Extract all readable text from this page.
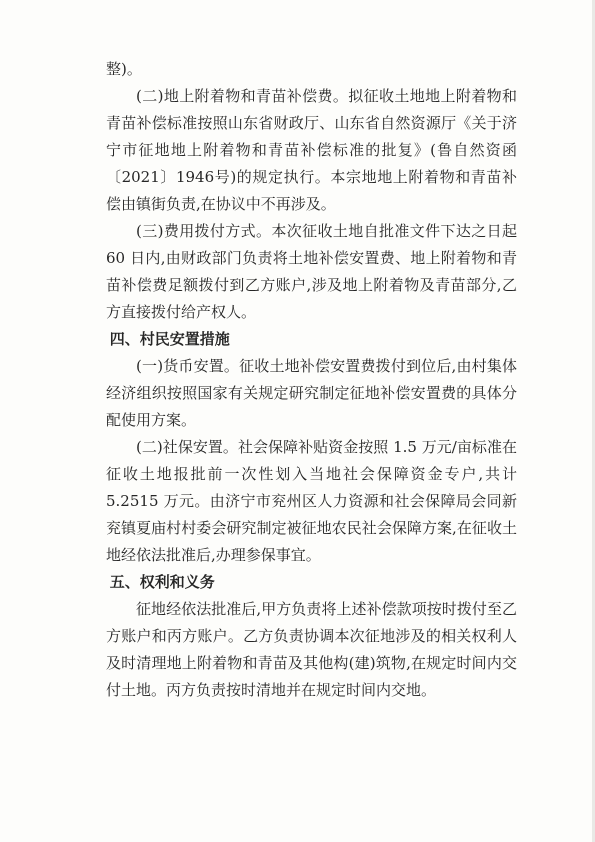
整)。

(二)地上附着物和青苗补偿费。拟征收土地地上附着物和青苗补偿标准按照山东省财政厅、山东省自然资源厅《关于济宁市征地地上附着物和青苗补偿标准的批复》(鲁自然资函〔2021〕1946号)的规定执行。本宗地地上附着物和青苗补偿由镇街负责,在协议中不再涉及。

(三)费用拨付方式。本次征收土地自批准文件下达之日起 60 日内,由财政部门负责将土地补偿安置费、地上附着物和青苗补偿费足额拨付到乙方账户,涉及地上附着物及青苗部分,乙方直接拨付给产权人。

四、村民安置措施

(一)货币安置。征收土地补偿安置费拨付到位后,由村集体经济组织按照国家有关规定研究制定征地补偿安置费的具体分配使用方案。

(二)社保安置。社会保障补贴资金按照 1.5 万元/亩标准在征收土地报批前一次性划入当地社会保障资金专户,共计 5.2515 万元。由济宁市兖州区人力资源和社会保障局会同新兖镇夏庙村村委会研究制定被征地农民社会保障方案,在征收土地经依法批准后,办理参保事宜。

五、权利和义务

征地经依法批准后,甲方负责将上述补偿款项按时拨付至乙方账户和丙方账户。乙方负责协调本次征地涉及的相关权利人及时清理地上附着物和青苗及其他构(建)筑物,在规定时间内交付土地。丙方负责按时清地并在规定时间内交地。
